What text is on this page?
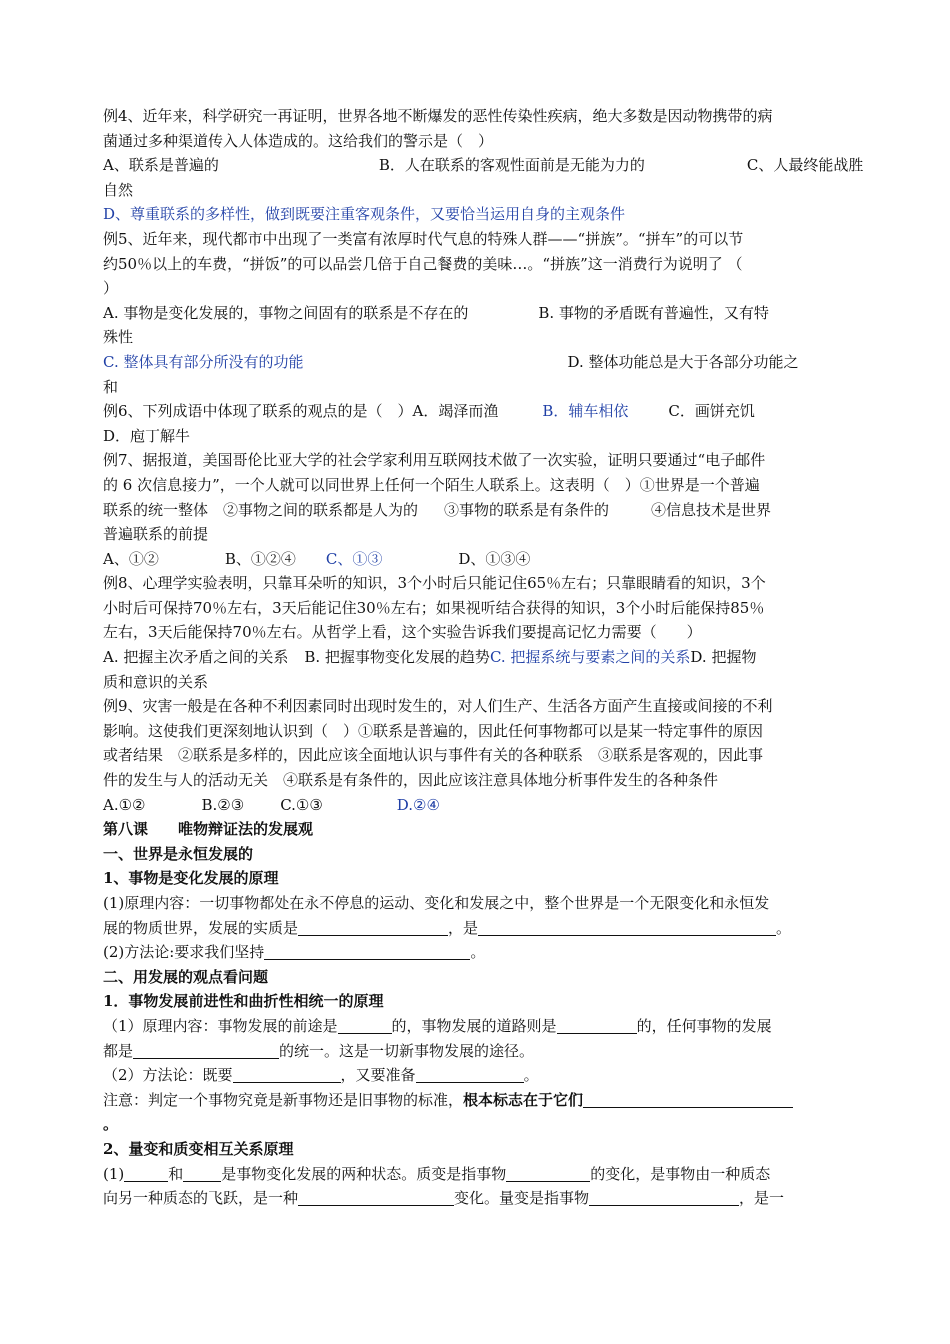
例4、近年来，科学研究一再证明，世界各地不断爆发的恶性传染性疾病，绝大多数是因动物携带的病
菌通过多种渠道传入人体造成的。这给我们的警示是（　）
A、联系是普遍的	B．人在联系的客观性面前是无能为力的	C、人最终能战胜
自然
D、尊重联系的多样性，做到既要注重客观条件，又要恰当运用自身的主观条件
例5、近年来，现代都市中出现了一类富有浓厚时代气息的特殊人群——“拼族”。“拼车”的可以节
约50％以上的车费，“拼饭”的可以品尝几倍于自己餐费的美味…。“拼族”这一消费行为说明了 （
）
A. 事物是变化发展的，事物之间固有的联系是不存在的	B. 事物的矛盾既有普遍性，又有特
殊性
C. 整体具有部分所没有的功能	D. 整体功能总是大于各部分功能之
和
例6、下列成语中体现了联系的观点的是（　）A．竭泽而渔	B．辅车相依	C．画饼充饥
D．庖丁解牛
例7、据报道，美国哥伦比亚大学的社会学家利用互联网技术做了一次实验，证明只要通过“电子邮件
的 6 次信息接力”，一个人就可以同世界上任何一个陌生人联系上。这表明（　）①世界是一个普遍
联系的统一整体　②事物之间的联系都是人为的 ③事物的联系是有条件的	④信息技术是世界
普遍联系的前提
A、①②	B、①②④ C、①③	D、①③④
例8、心理学实验表明，只靠耳朵听的知识，3个小时后只能记住65％左右；只靠眼睛看的知识，3个
小时后可保持70％左右，3天后能记住30％左右；如果视听结合获得的知识，3个小时后能保持85％
左右，3天后能保持70％左右。从哲学上看，这个实验告诉我们要提高记忆力需要（　　）
A. 把握主次矛盾之间的关系 B. 把握事物变化发展的趋势C. 把握系统与要素之间的关系D. 把握物
质和意识的关系
例9、灾害一般是在各种不利因素同时出现时发生的，对人们生产、生活各方面产生直接或间接的不利
影响。这使我们更深刻地认识到（　）①联系是普遍的，因此任何事物都可以是某一特定事件的原因
或者结果　②联系是多样的，因此应该全面地认识与事件有关的各种联系　③联系是客观的，因此事
件的发生与人的活动无关　④联系是有条件的，因此应该注意具体地分析事件发生的各种条件
A.①②	B.②③ C.①③	D.②④
第八课　　唯物辩证法的发展观
一、世界是永恒发展的
1、事物是变化发展的原理
(1)原理内容：一切事物都处在永不停息的运动、变化和发展之中，整个世界是一个无限变化和永恒发
展的物质世界，发展的实质是	，是	。
(2)方法论:要求我们坚持	。
二、用发展的观点看问题
1．事物发展前进性和曲折性相统一的原理
（1）原理内容：事物发展的前途是	的，事物发展的道路则是	的，任何事物的发展
都是	的统一。这是一切新事物发展的途径。
（2）方法论：既要	，又要准备	。
注意：判定一个事物究竟是新事物还是旧事物的标准，根本标志在于它们
。
2、量变和质变相互关系原理
(1)	和	是事物变化发展的两种状态。质变是指事物	的变化，是事物由一种质态
向另一种质态的飞跃，是一种	变化。量变是指事物	，是一
